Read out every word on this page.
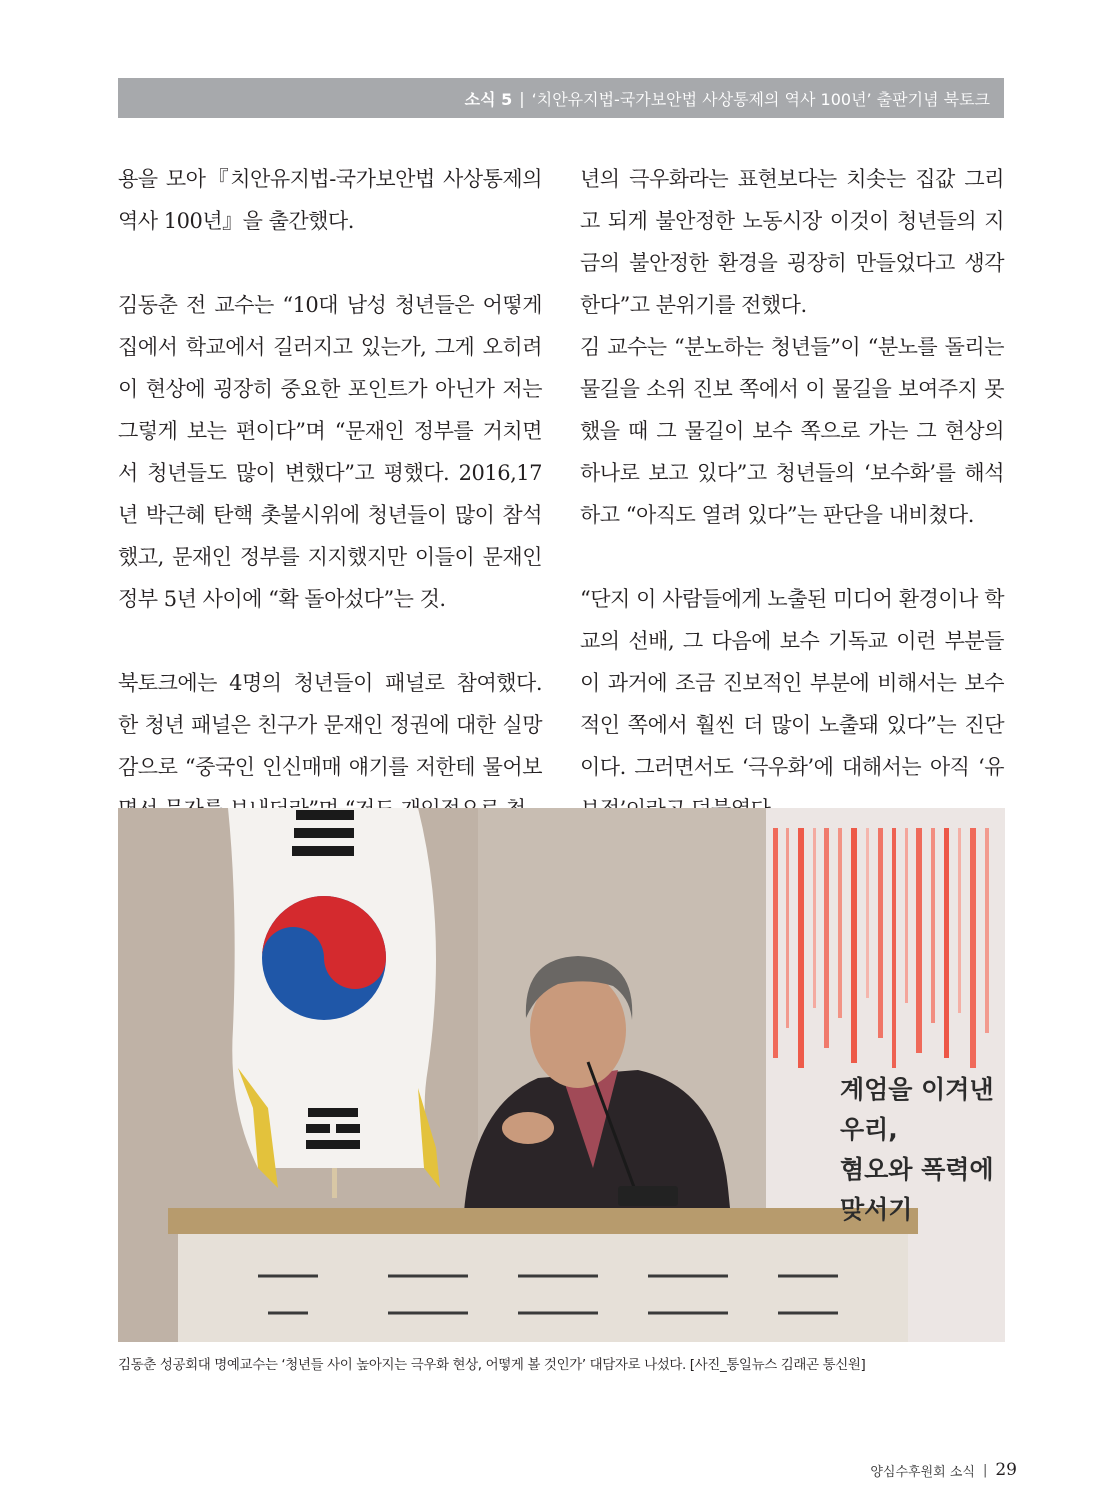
소식 5 | ‘치안유지법-국가보안법 사상통제의 역사 100년’ 출판기념 북토크

용을 모아『치안유지법-국가보안법 사상통제의 역사 100년』을 출간했다.

김동춘 전 교수는 “10대 남성 청년들은 어떻게 집에서 학교에서 길러지고 있는가, 그게 오히려 이 현상에 굉장히 중요한 포인트가 아닌가 저는 그렇게 보는 편이다”며 “문재인 정부를 거치면서 청년들도 많이 변했다”고 평했다. 2016,17년 박근혜 탄핵 촛불시위에 청년들이 많이 참석했고, 문재인 정부를 지지했지만 이들이 문재인 정부 5년 사이에 “확 돌아섰다”는 것.

북토크에는 4명의 청년들이 패널로 참여했다. 한 청년 패널은 친구가 문재인 정권에 대한 실망감으로 “중국인 인신매매 얘기를 저한테 물어보

년의 극우화라는 표현보다는 치솟는 집값 그리고 되게 불안정한 노동시장 이것이 청년들의 지금의 불안정한 환경을 굉장히 만들었다고 생각한다”고 분위기를 전했다.

김 교수는 “분노하는 청년들”이 “분노를 돌리는 물길을 소위 진보 쪽에서 이 물길을 보여주지 못했을 때 그 물길이 보수 쪽으로 가는 그 현상의 하나로 보고 있다”고 청년들의 ‘보수화’를 해석하고 “아직도 열려 있다”는 판단을 내비쳤다.

“단지 이 사람들에게 노출된 미디어 환경이나 학교의 선배, 그 다음에 보수 기독교 이런 부분들이 과거에 조금 진보적인 부분에 비해서는 보수적인 쪽에서 훨씬 더 많이 노출돼 있다”는 진단이다. 그러면서도 ‘극우화’에 대해서는 아직 ‘유

계엄을 이겨낸
우리,
혐오와 폭력에
맞서기
김동춘 성공회대 명예교수는 ‘청년들 사이 높아지는 극우화 현상, 어떻게 볼 것인가’ 대담자로 나섰다. [사진_통일뉴스 김래곤 통신원]
양심수후원회 소식 | 29
